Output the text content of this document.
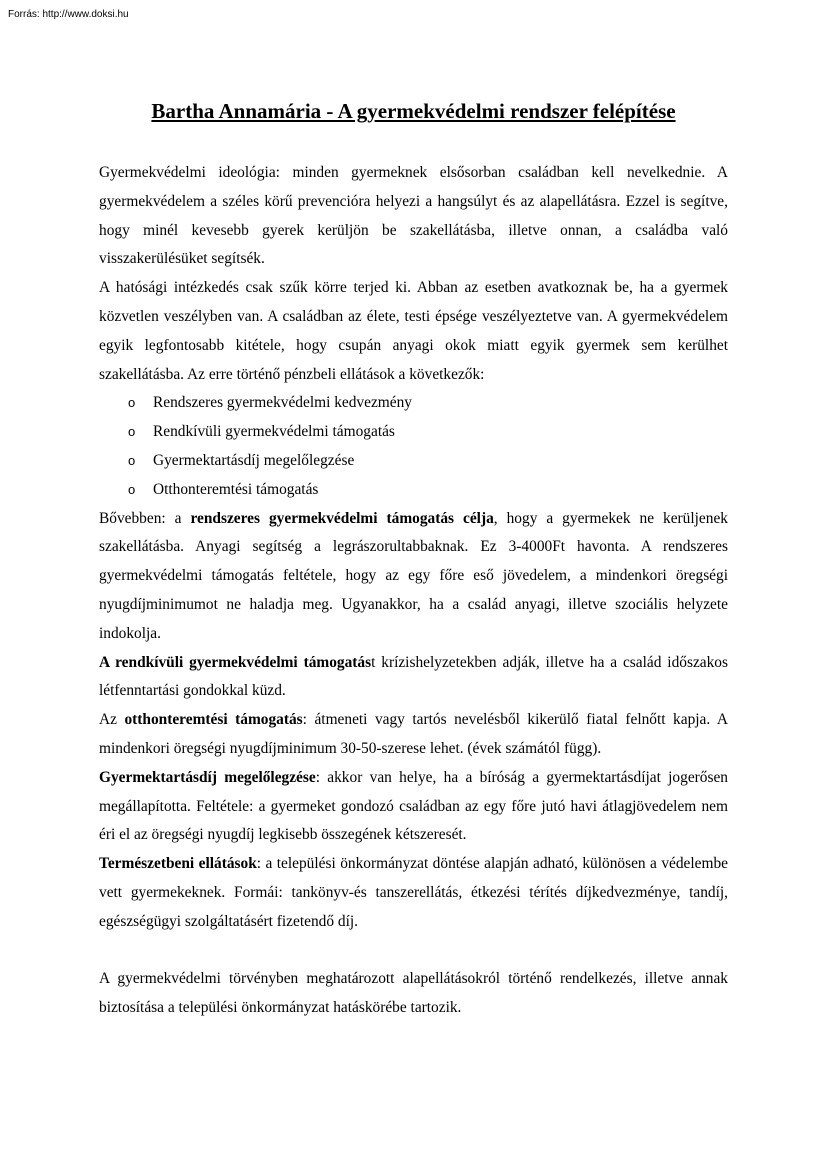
Forrás: http://www.doksi.hu
Bartha Annamária - A gyermekvédelmi rendszer felépítése

Gyermekvédelmi ideológia: minden gyermeknek elsősorban családban kell nevelkednie. A gyermekvédelem a széles körű prevencióra helyezi a hangsúlyt és az alapellátásra. Ezzel is segítve, hogy minél kevesebb gyerek kerüljön be szakellátásba, illetve onnan, a családba való visszakerülésüket segítsék.

A hatósági intézkedés csak szűk körre terjed ki. Abban az esetben avatkoznak be, ha a gyermek közvetlen veszélyben van. A családban az élete, testi épsége veszélyeztetve van. A gyermekvédelem egyik legfontosabb kitétele, hogy csupán anyagi okok miatt egyik gyermek sem kerülhet szakellátásba. Az erre történő pénzbeli ellátások a következők:

o Rendszeres gyermekvédelmi kedvezmény
o Rendkívüli gyermekvédelmi támogatás
o Gyermektartásdíj megelőlegzése
o Otthonteremtési támogatás

Bővebben: a rendszeres gyermekvédelmi támogatás célja, hogy a gyermekek ne kerüljenek szakellátásba. Anyagi segítség a legrászorultabbaknak. Ez 3-4000Ft havonta. A rendszeres gyermekvédelmi támogatás feltétele, hogy az egy főre eső jövedelem, a mindenkori öregségi nyugdíjminimumot ne haladja meg. Ugyanakkor, ha a család anyagi, illetve szociális helyzete indokolja.

A rendkívüli gyermekvédelmi támogatást krízishelyzetekben adják, illetve ha a család időszakos létfenntartási gondokkal küzd.

Az otthonteremtési támogatás: átmeneti vagy tartós nevelésből kikerülő fiatal felnőtt kapja. A mindenkori öregségi nyugdíjminimum 30-50-szerese lehet. (évek számától függ).

Gyermektartásdíj megelőlegzése: akkor van helye, ha a bíróság a gyermektartásdíjat jogerősen megállapította. Feltétele: a gyermeket gondozó családban az egy főre jutó havi átlagjövedelem nem éri el az öregségi nyugdíj legkisebb összegének kétszeresét.

Természetbeni ellátások: a települési önkormányzat döntése alapján adható, különösen a védelembe vett gyermekeknek. Formái: tankönyv-és tanszerellátás, étkezési térítés díjkedvezménye, tandíj, egészségügyi szolgáltatásért fizetendő díj.

A gyermekvédelmi törvényben meghatározott alapellátásokról történő rendelkezés, illetve annak biztosítása a települési önkormányzat hatáskörébe tartozik.
